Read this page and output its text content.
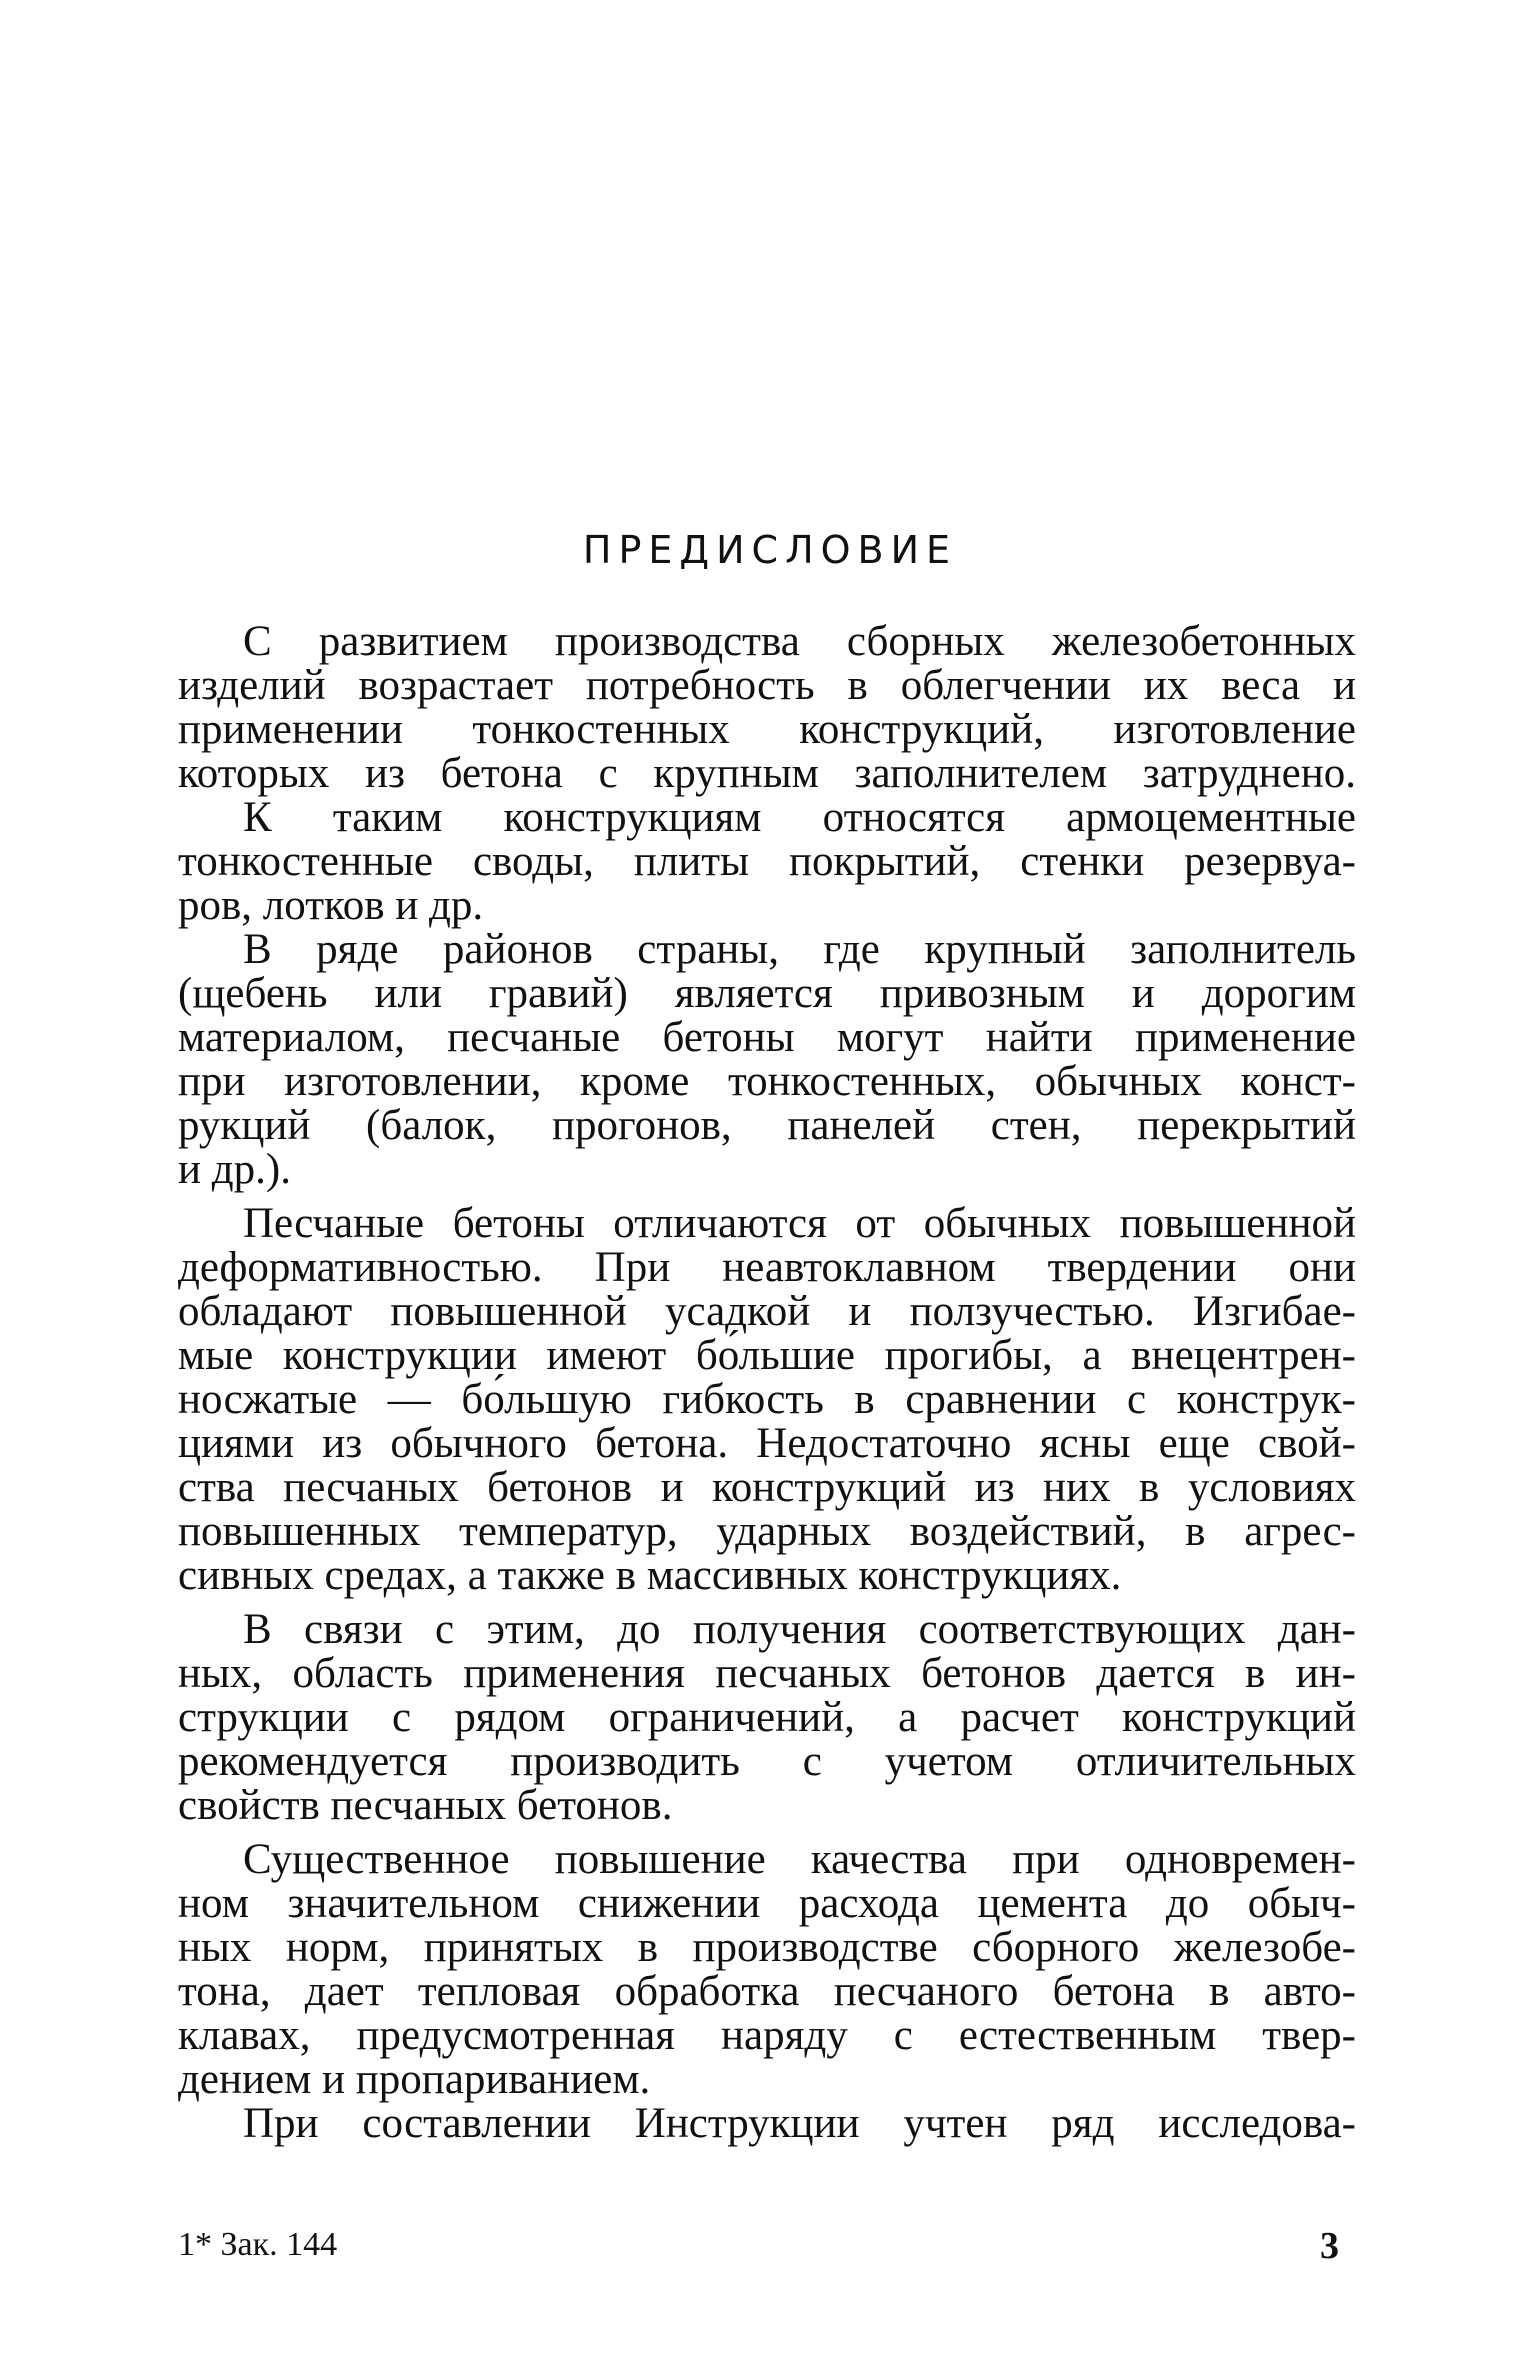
ПРЕДИСЛОВИЕ
С развитием производства сборных железобетонных
изделий возрастает потребность в облегчении их веса и
применении тонкостенных конструкций, изготовление
которых из бетона с крупным заполнителем затруднено.
К таким конструкциям относятся армоцементные
тонкостенные своды, плиты покрытий, стенки резервуа-
ров, лотков и др.
В ряде районов страны, где крупный заполнитель
(щебень или гравий) является привозным и дорогим
материалом, песчаные бетоны могут найти применение
при изготовлении, кроме тонкостенных, обычных конст-
рукций (балок, прогонов, панелей стен, перекрытий
и др.).
Песчаные бетоны отличаются от обычных повышенной
деформативностью. При неавтоклавном твердении они
обладают повышенной усадкой и ползучестью. Изгибае-
мые конструкции имеют бо́льшие прогибы, а внецентрен-
носжатые — бо́льшую гибкость в сравнении с конструк-
циями из обычного бетона. Недостаточно ясны еще свой-
ства песчаных бетонов и конструкций из них в условиях
повышенных температур, ударных воздействий, в агрес-
сивных средах, а также в массивных конструкциях.
В связи с этим, до получения соответствующих дан-
ных, область применения песчаных бетонов дается в ин-
струкции с рядом ограничений, а расчет конструкций
рекомендуется производить с учетом отличительных
свойств песчаных бетонов.
Существенное повышение качества при одновремен-
ном значительном снижении расхода цемента до обыч-
ных норм, принятых в производстве сборного железобе-
тона, дает тепловая обработка песчаного бетона в авто-
клавах, предусмотренная наряду с естественным твер-
дением и пропариванием.
При составлении Инструкции учтен ряд исследова-
1* Зак. 144	3
